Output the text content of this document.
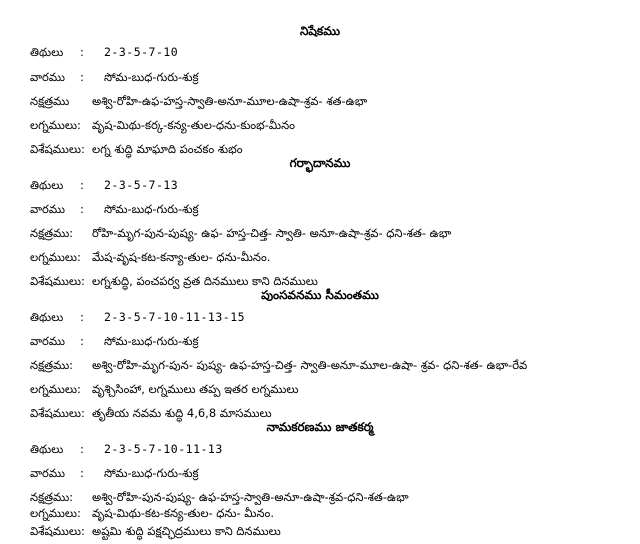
నిషేకము
తిథులు : 2-3-5-7-10
వారము : సోమ-బుధ-గురు-శుక్ర
నక్షత్రము అశ్వి-రోహి-ఉఫ-హస్త-స్వాతి-అనూ-మూల-ఉషా-శ్రవ- శత-ఉభా
లగ్నములు: వృష-మిథు-కర్క-కన్య-తుల-ధను-కుంభ-మీనం
విశేషములు: లగ్న శుద్ధి మాఘాది పంచకం శుభం
గర్భాదానము
తిథులు : 2-3-5-7-13
వారము : సోమ-బుధ-గురు-శుక్ర
నక్షత్రము: రోహి-మృగ-పున-పుష్య- ఉఫ- హస్త-చిత్త- స్వాతి- అనూ-ఉషా-శ్రవ- ధని-శత- ఉభా
లగ్నములు: మేష-వృష-కట-కన్యా-తుల- ధను-మీనం.
విశేషములు: లగ్నశుద్ధి, పంచపర్వ వ్రత దినములు కాని దినములు
పుంసవనము సీమంతము
తిథులు : 2-3-5-7-10-11-13-15
వారము : సోమ-బుధ-గురు-శుక్ర
నక్షత్రము: అశ్వి-రోహి-మృగ-పున- పుష్య- ఉఫ-హస్త-చిత్త- స్వాతి-అనూ-మూల-ఉషా- శ్రవ- ధని-శత- ఉభా-రేవ
లగ్నములు: వృశ్చిసింహా, లగ్నములు తప్ప ఇతర లగ్నములు
విశేషములు: తృతీయ నవమ శుద్ధి 4,6,8 మాసములు
నామకరణము జాతకర్మ
తిథులు : 2-3-5-7-10-11-13
వారము : సోమ-బుధ-గురు-శుక్ర
నక్షత్రము: అశ్వి-రోహి-పున-పుష్య- ఉఫ-హస్త-స్వాతి-అనూ-ఉషా-శ్రవ-ధని-శత-ఉభా
లగ్నములు: వృష-మిథు-కట-కన్య-తుల- ధను- మీనం.
విశేషములు: అష్టమి శుద్ధి పక్షచ్ఛిద్రములు కాని దినములు
